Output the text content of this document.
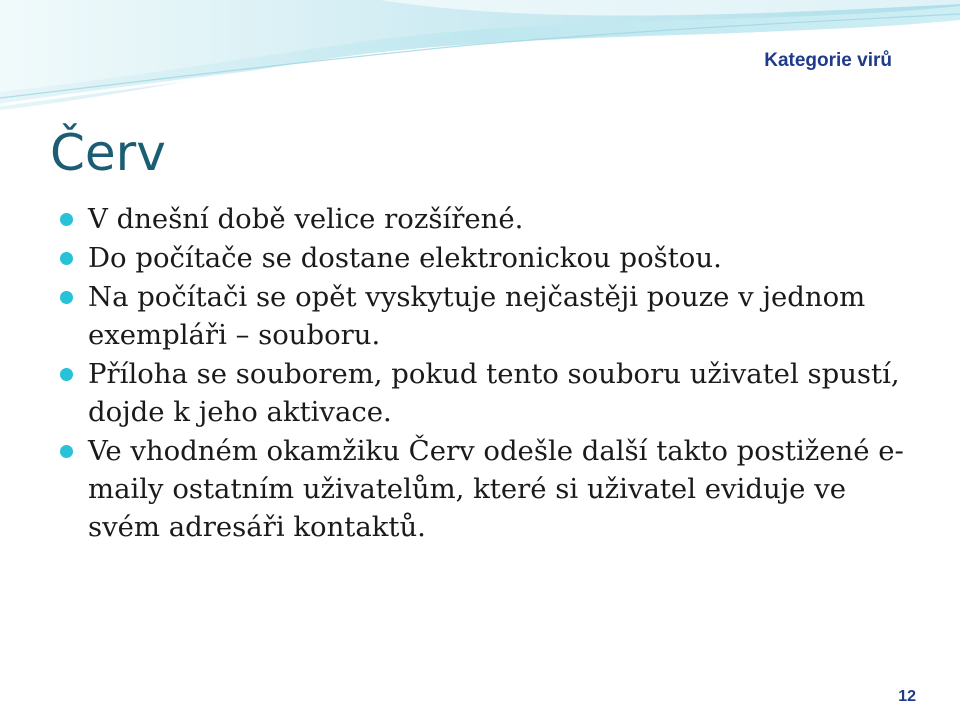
Kategorie virů
Červ
V dnešní době velice rozšířené.
Do počítače se dostane elektronickou poštou.
Na počítači se opět vyskytuje nejčastěji pouze v jednom exempláři – souboru.
Příloha se souborem, pokud tento souboru uživatel spustí, dojde k jeho aktivace.
Ve vhodném okamžiku Červ odešle další takto postižené e-maily ostatním uživatelům, které si uživatel eviduje ve svém adresáři kontaktů.
12
